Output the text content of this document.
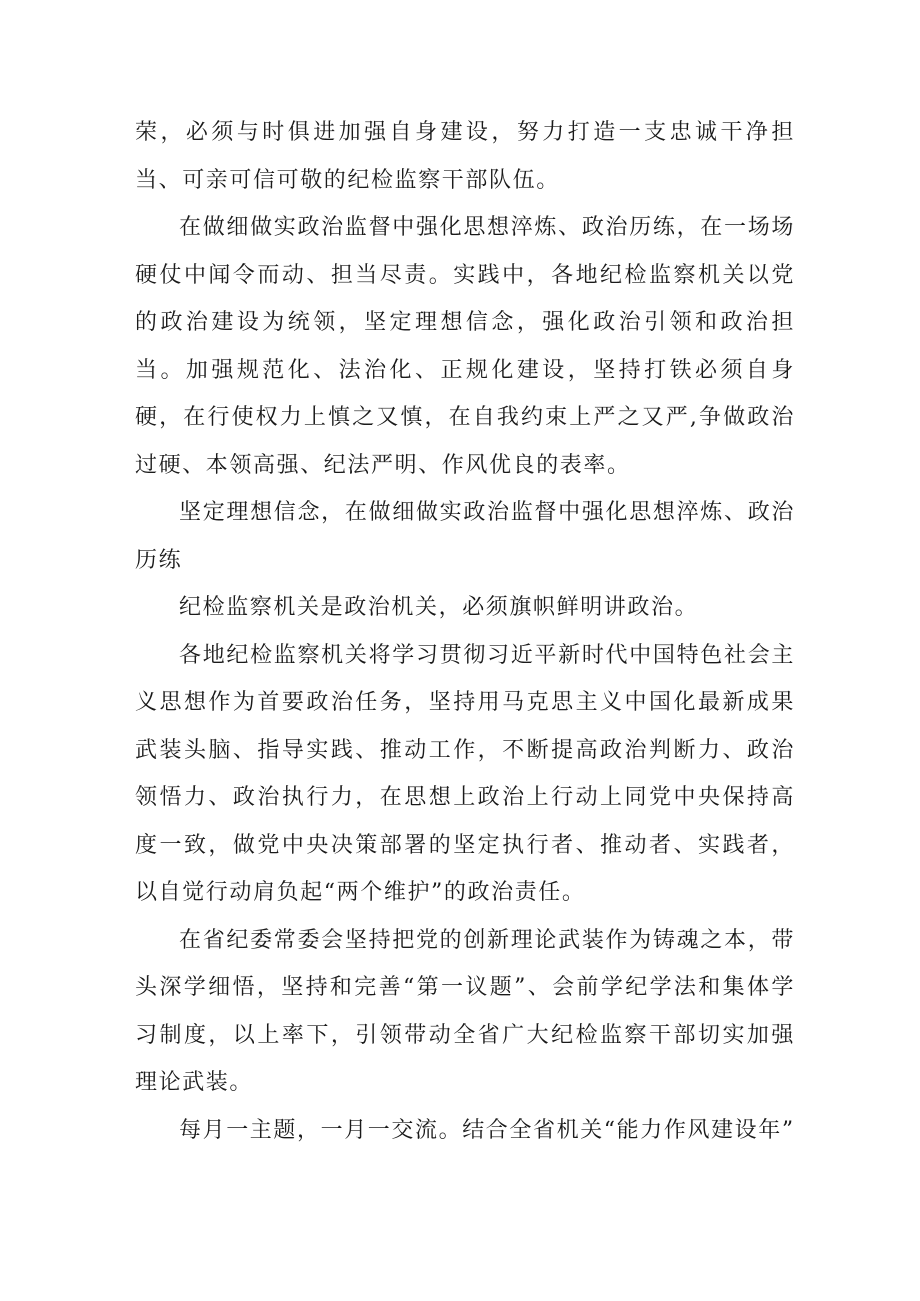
荣，必须与时俱进加强自身建设，努力打造一支忠诚干净担当、可亲可信可敬的纪检监察干部队伍。

在做细做实政治监督中强化思想淬炼、政治历练，在一场场硬仗中闻令而动、担当尽责。实践中，各地纪检监察机关以党的政治建设为统领，坚定理想信念，强化政治引领和政治担当。加强规范化、法治化、正规化建设，坚持打铁必须自身硬，在行使权力上慎之又慎，在自我约束上严之又严,争做政治过硬、本领高强、纪法严明、作风优良的表率。

坚定理想信念，在做细做实政治监督中强化思想淬炼、政治历练

纪检监察机关是政治机关，必须旗帜鲜明讲政治。

各地纪检监察机关将学习贯彻习近平新时代中国特色社会主义思想作为首要政治任务，坚持用马克思主义中国化最新成果武装头脑、指导实践、推动工作，不断提高政治判断力、政治领悟力、政治执行力，在思想上政治上行动上同党中央保持高度一致，做党中央决策部署的坚定执行者、推动者、实践者，以自觉行动肩负起“两个维护”的政治责任。

在省纪委常委会坚持把党的创新理论武装作为铸魂之本，带头深学细悟，坚持和完善“第一议题”、会前学纪学法和集体学习制度，以上率下，引领带动全省广大纪检监察干部切实加强理论武装。

每月一主题，一月一交流。结合全省机关“能力作风建设年”
